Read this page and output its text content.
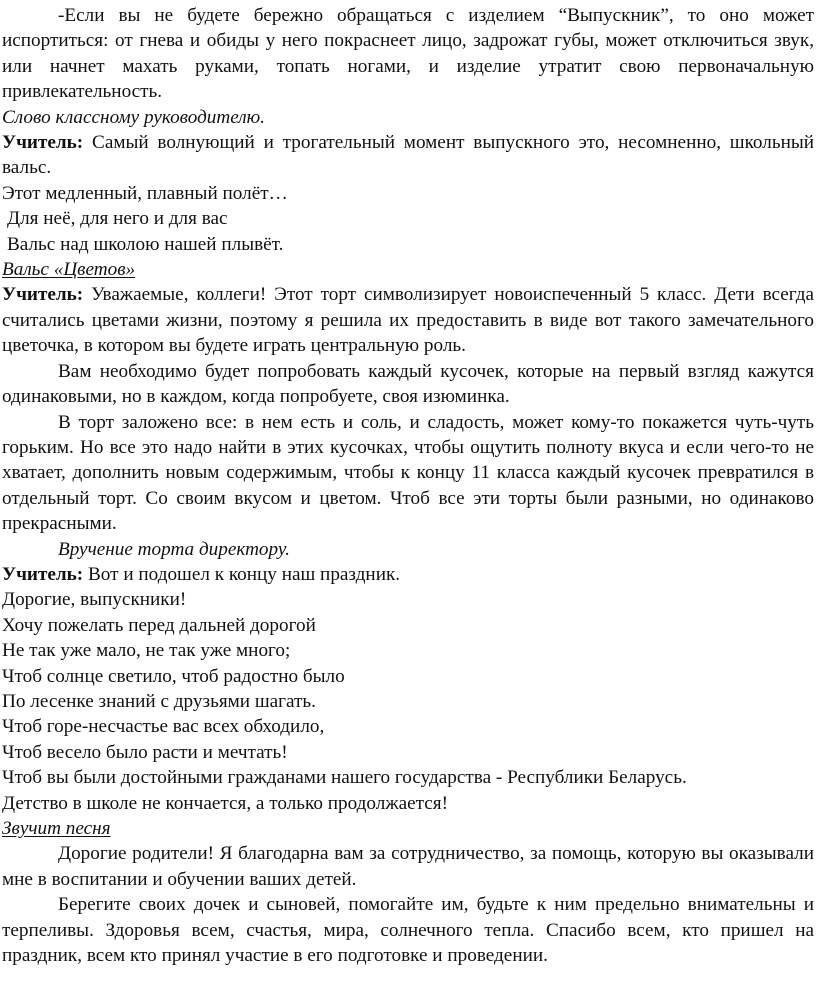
-Если вы не будете бережно обращаться с изделием “Выпускник”, то оно может испортиться: от гнева и обиды у него покраснеет лицо, задрожат губы, может отключиться звук, или начнет махать руками, топать ногами, и изделие утратит свою первоначальную привлекательность.

Слово классному руководителю.

Учитель: Самый волнующий и трогательный момент выпускного это, несомненно, школьный вальс.

Этот медленный, плавный полёт…

Для неё, для него и для вас

Вальс над школою нашей плывёт.

Вальс «Цветов»

Учитель: Уважаемые, коллеги! Этот торт символизирует новоиспеченный 5 класс. Дети всегда считались цветами жизни, поэтому я решила их предоставить в виде вот такого замечательного цветочка, в котором вы будете играть центральную роль.

Вам необходимо будет попробовать каждый кусочек, которые на первый взгляд кажутся одинаковыми, но в каждом, когда попробуете, своя изюминка.

В торт заложено все: в нем есть и соль, и сладость, может кому-то покажется чуть-чуть горьким. Но все это надо найти в этих кусочках, чтобы ощутить полноту вкуса и если чего-то не хватает, дополнить новым содержимым, чтобы к концу 11 класса каждый кусочек превратился в отдельный торт. Со своим вкусом и цветом. Чтоб все эти торты были разными, но одинаково прекрасными.

Вручение торта директору.

Учитель: Вот и подошел к концу наш праздник.

Дорогие, выпускники!

Хочу пожелать перед дальней дорогой

Не так уже мало, не так уже много;

Чтоб солнце светило, чтоб радостно было

По лесенке знаний с друзьями шагать.

Чтоб горе-несчастье вас всех обходило,

Чтоб весело было расти и мечтать!

Чтоб вы были достойными гражданами нашего государства - Республики Беларусь.

Детство в школе не кончается, а только продолжается!

Звучит песня

Дорогие родители! Я благодарна вам за сотрудничество, за помощь, которую вы оказывали мне в воспитании и обучении ваших детей.

Берегите своих дочек и сыновей, помогайте им, будьте к ним предельно внимательны и терпеливы. Здоровья всем, счастья, мира, солнечного тепла. Спасибо всем, кто пришел на праздник, всем кто принял участие в его подготовке и проведении.
